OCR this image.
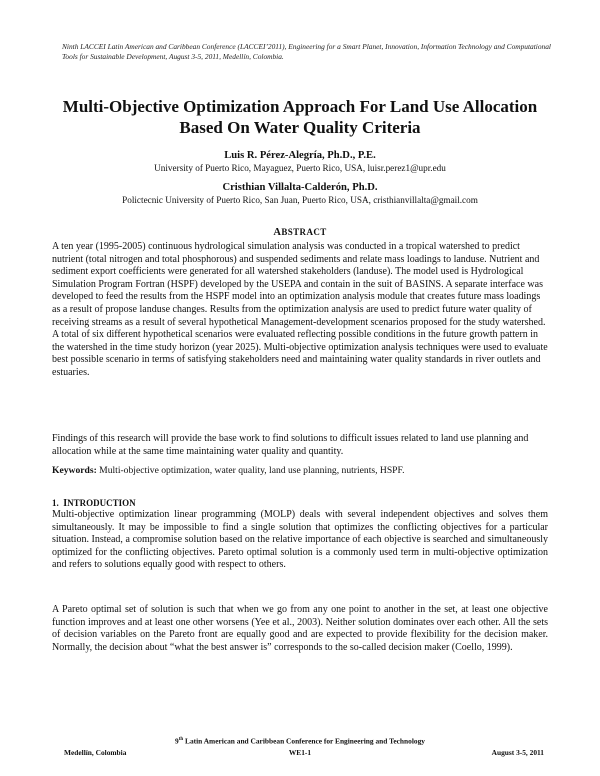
Ninth LACCEI Latin American and Caribbean Conference (LACCEI’2011), Engineering for a Smart Planet, Innovation, Information Technology and Computational Tools for Sustainable Development, August 3-5, 2011, Medellín, Colombia.
Multi-Objective Optimization Approach For Land Use Allocation
Based On Water Quality Criteria
Luis R. Pérez-Alegría, Ph.D., P.E.
University of Puerto Rico, Mayaguez, Puerto Rico, USA, luisr.perez1@upr.edu
Cristhian Villalta-Calderón, Ph.D.
Polictecnic University of Puerto Rico, San Juan, Puerto Rico, USA, cristhianvillalta@gmail.com
ABSTRACT
A ten year (1995-2005) continuous hydrological simulation analysis was conducted in a tropical watershed to predict nutrient (total nitrogen and total phosphorous) and suspended sediments and relate mass loadings to landuse. Nutrient and sediment export coefficients were generated for all watershed stakeholders (landuse). The model used is Hydrological Simulation Program Fortran (HSPF) developed by the USEPA and contain in the suit of BASINS. A separate interface was developed to feed the results from the HSPF model into an optimization analysis module that creates future mass loadings as a result of propose landuse changes. Results from the optimization analysis are used to predict future water quality of receiving streams as a result of several hypothetical Management-development scenarios proposed for the study watershed. A total of six different hypothetical scenarios were evaluated reflecting possible conditions in the future growth pattern in the watershed in the time study horizon (year 2025). Multi-objective optimization analysis techniques were used to evaluate best possible scenario in terms of satisfying stakeholders need and maintaining water quality standards in river outlets and estuaries.
Findings of this research will provide the base work to find solutions to difficult issues related to land use planning and allocation while at the same time maintaining water quality and quantity.
Keywords: Multi-objective optimization, water quality, land use planning, nutrients, HSPF.
1. INTRODUCTION
Multi-objective optimization linear programming (MOLP) deals with several independent objectives and solves them simultaneously. It may be impossible to find a single solution that optimizes the conflicting objectives for a particular situation. Instead, a compromise solution based on the relative importance of each objective is searched and simultaneously optimized for the conflicting objectives. Pareto optimal solution is a commonly used term in multi-objective optimization and refers to solutions equally good with respect to others.
A Pareto optimal set of solution is such that when we go from any one point to another in the set, at least one objective function improves and at least one other worsens (Yee et al., 2003). Neither solution dominates over each other. All the sets of decision variables on the Pareto front are equally good and are expected to provide flexibility for the decision maker. Normally, the decision about “what the best answer is” corresponds to the so-called decision maker (Coello, 1999).
9th Latin American and Caribbean Conference for Engineering and Technology
Medellín, Colombia	WE1-1	August 3-5, 2011
